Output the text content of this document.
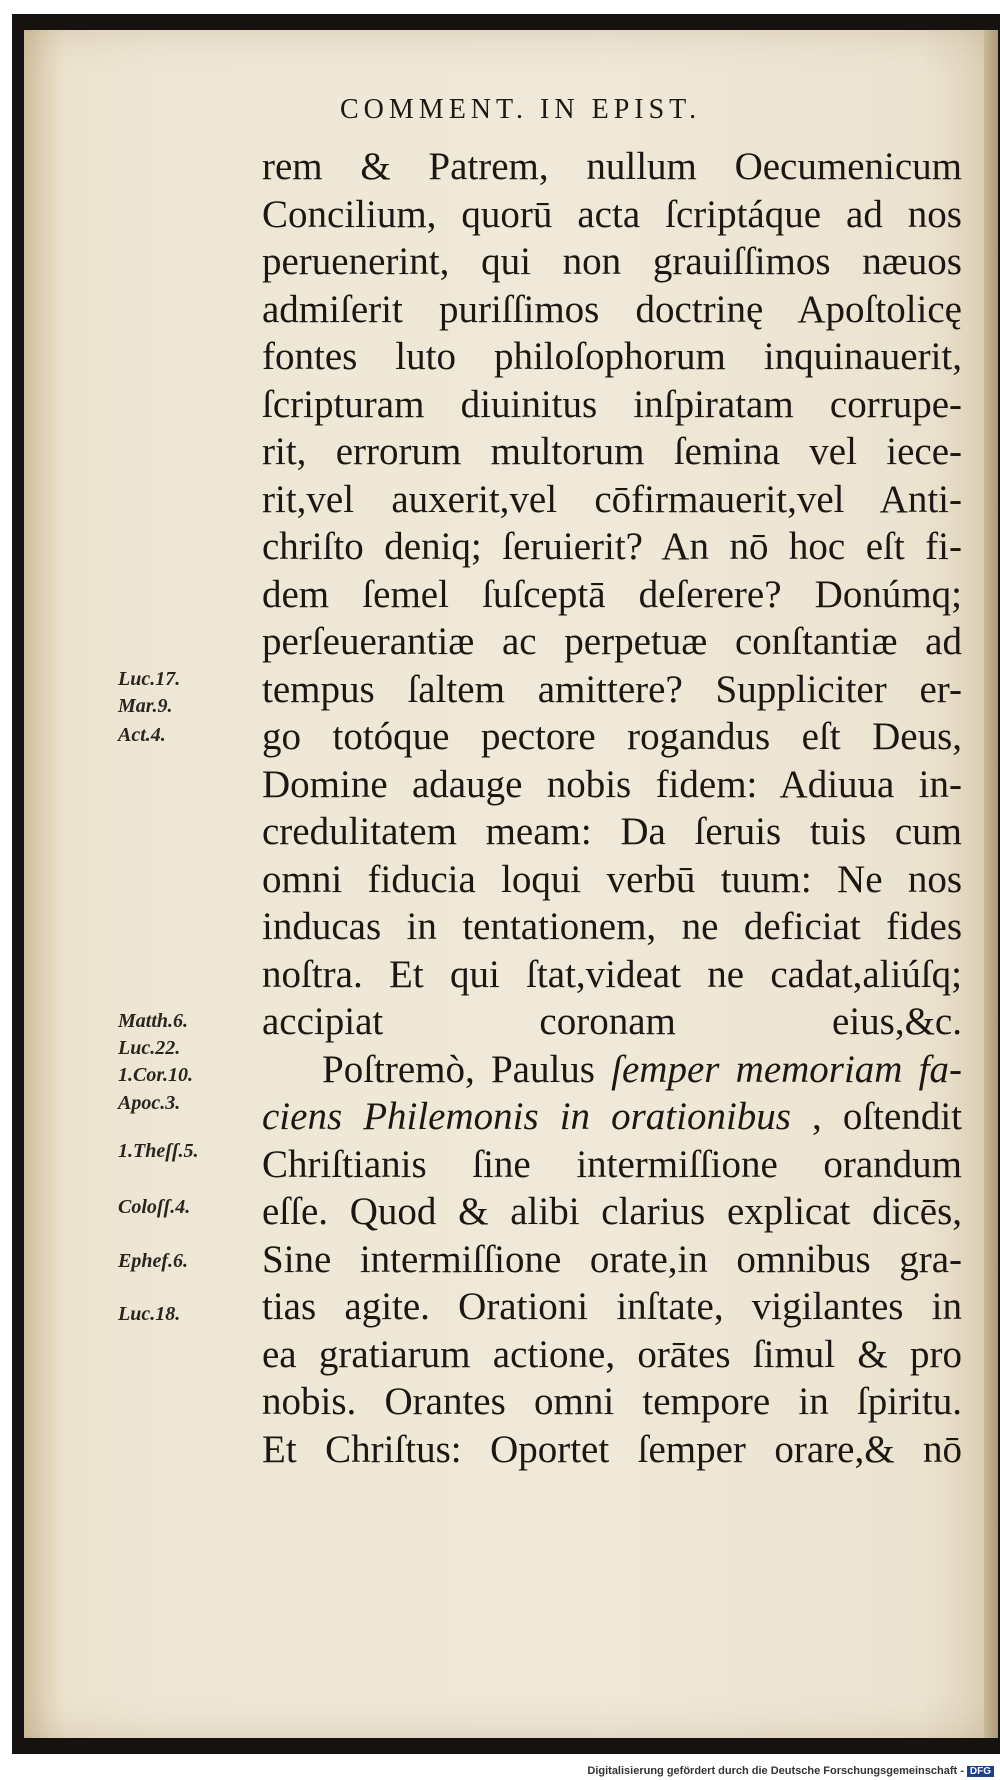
COMMENT. IN EPIST.
rem & Patrem, nullum Oecumenicum
Concilium, quorū acta ſcriptáque ad nos
peruenerint, qui non grauiſſimos næuos
admiſerit puriſſimos doctrinę Apoſtolicę
fontes luto philoſophorum inquinauerit,
ſcripturam diuinitus inſpiratam corrupe-
rit, errorum multorum ſemina vel iece-
rit,vel auxerit,vel cōfirmauerit,vel Anti-
chriſto deniq; ſeruierit? An nō hoc eſt fi-
dem ſemel ſuſceptā deſerere? Donúmq;
perſeuerantiæ ac perpetuæ conſtantiæ ad
tempus ſaltem amittere? Suppliciter er-
go totóque pectore rogandus eſt Deus,
Domine adauge nobis fidem: Adiuua in-
credulitatem meam: Da ſeruis tuis cum
omni fiducia loqui verbū tuum: Ne nos
inducas in tentationem, ne deficiat fides
noſtra. Et qui ſtat,videat ne cadat,aliúſq;
accipiat coronam eius,&c.
Poſtremò, Paulus ſemper memoriam fa-
ciens Philemonis in orationibus , oſtendit
Chriſtianis ſine intermiſſione orandum
eſſe. Quod & alibi clarius explicat dicēs,
Sine intermiſſione orate,in omnibus gra-
tias agite. Orationi inſtate, vigilantes in
ea gratiarum actione, orātes ſimul & pro
nobis. Orantes omni tempore in ſpiritu.
Et Chriſtus: Oportet ſemper orare,& nō
Luc.17.
Mar.9.
Act.4.
Matth.6.
Luc.22.
1.Cor.10.
Apoc.3.
1.Theſſ.5.
Coloſſ.4.
Ephef.6.
Luc.18.
Digitalisierung gefördert durch die Deutsche Forschungsgemeinschaft - DFG
